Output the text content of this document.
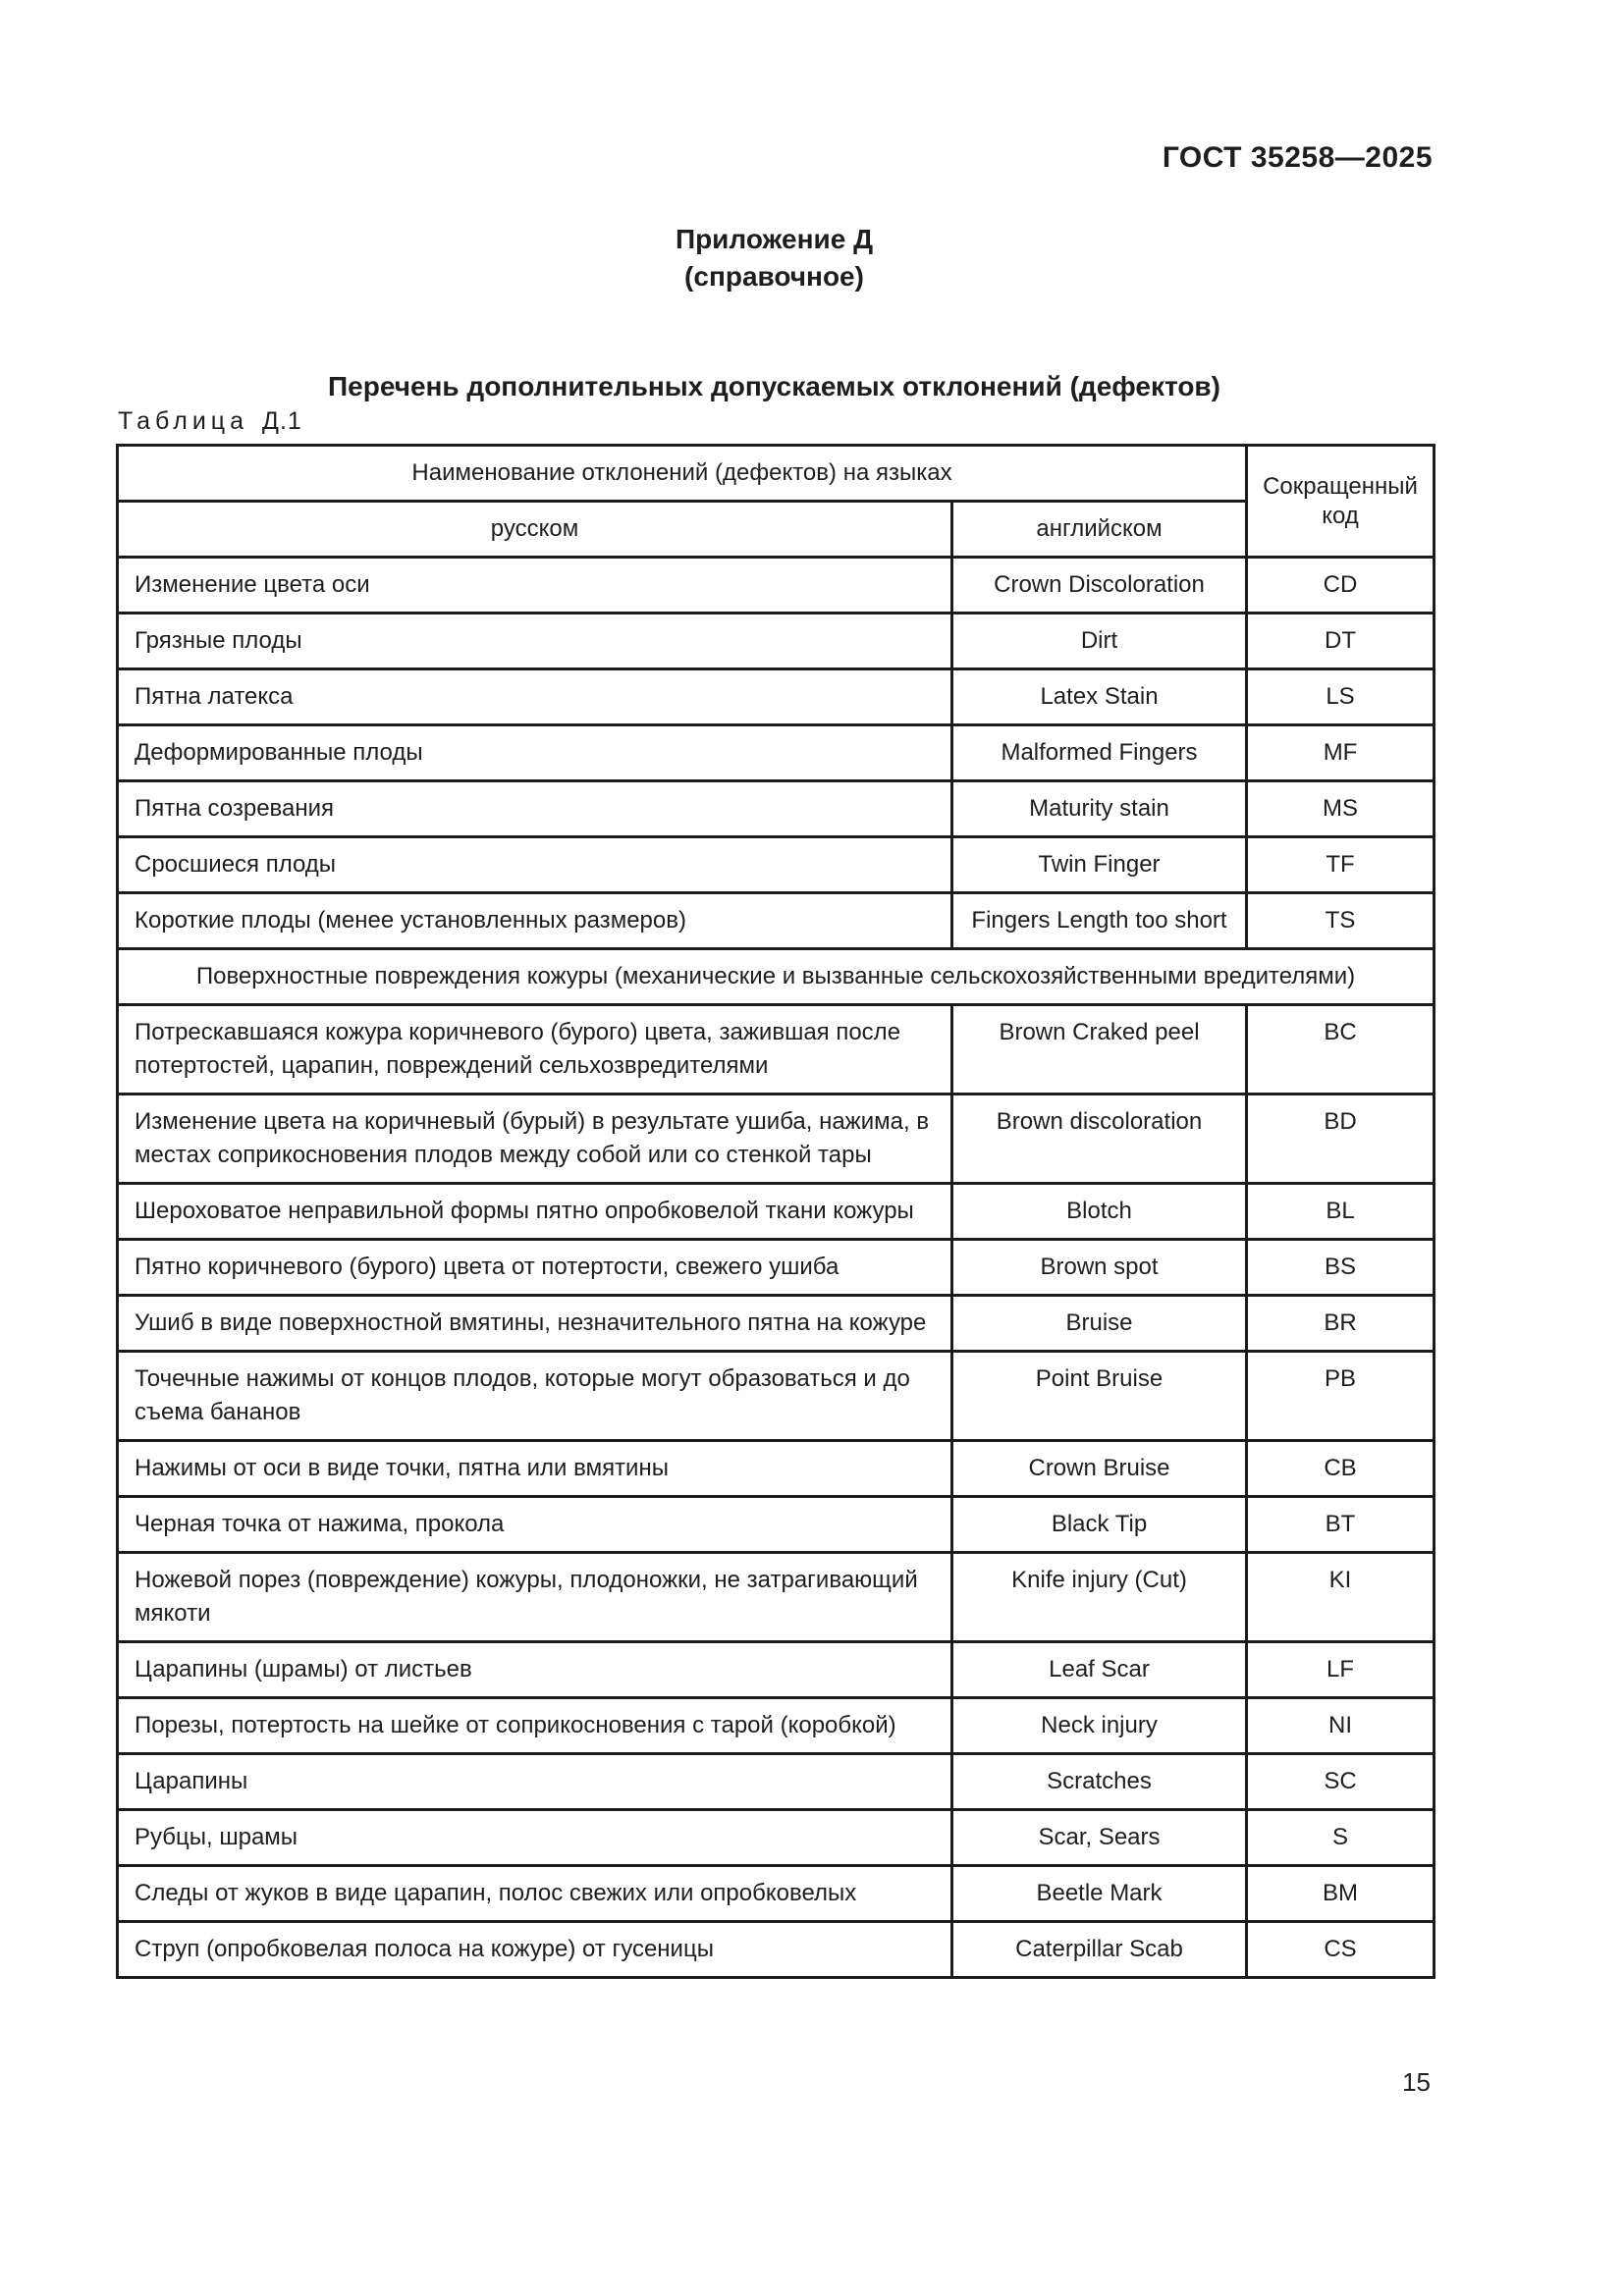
ГОСТ 35258—2025
Приложение Д
(справочное)
Перечень дополнительных допускаемых отклонений (дефектов)
Таблица Д.1
Наименование отклонений (дефектов) на языках		Сокращенный код
русском	английском	
Изменение цвета оси	Crown Discoloration	CD
Грязные плоды	Dirt	DT
Пятна латекса	Latex Stain	LS
Деформированные плоды	Malformed Fingers	MF
Пятна созревания	Maturity stain	MS
Сросшиеся плоды	Twin Finger	TF
Короткие плоды (менее установленных размеров)	Fingers Length too short	TS
Поверхностные повреждения кожуры (механические и вызванные сельскохозяйственными вредителями)		
Потрескавшаяся кожура коричневого (бурого) цвета, зажившая после потертостей, царапин, повреждений сельхозвредителями	Brown Craked peel	BC
Изменение цвета на коричневый (бурый) в результате ушиба, нажима, в местах соприкосновения плодов между собой или со стенкой тары	Brown discoloration	BD
Шероховатое неправильной формы пятно опробковелой ткани кожуры	Blotch	BL
Пятно коричневого (бурого) цвета от потертости, свежего ушиба	Brown spot	BS
Ушиб в виде поверхностной вмятины, незначительного пятна на кожуре	Bruise	BR
Точечные нажимы от концов плодов, которые могут образоваться и до съема бананов	Point Bruise	PB
Нажимы от оси в виде точки, пятна или вмятины	Crown Bruise	CB
Черная точка от нажима, прокола	Black Tip	BT
Ножевой порез (повреждение) кожуры, плодоножки, не затрагивающий мякоти	Knife injury (Cut)	KI
Царапины (шрамы) от листьев	Leaf Scar	LF
Порезы, потертость на шейке от соприкосновения с тарой (коробкой)	Neck injury	NI
Царапины	Scratches	SC
Рубцы, шрамы	Scar, Sears	S
Следы от жуков в виде царапин, полос свежих или опробковелых	Beetle Mark	BM
Струп (опробковелая полоса на кожуре) от гусеницы	Caterpillar Scab	CS
15
